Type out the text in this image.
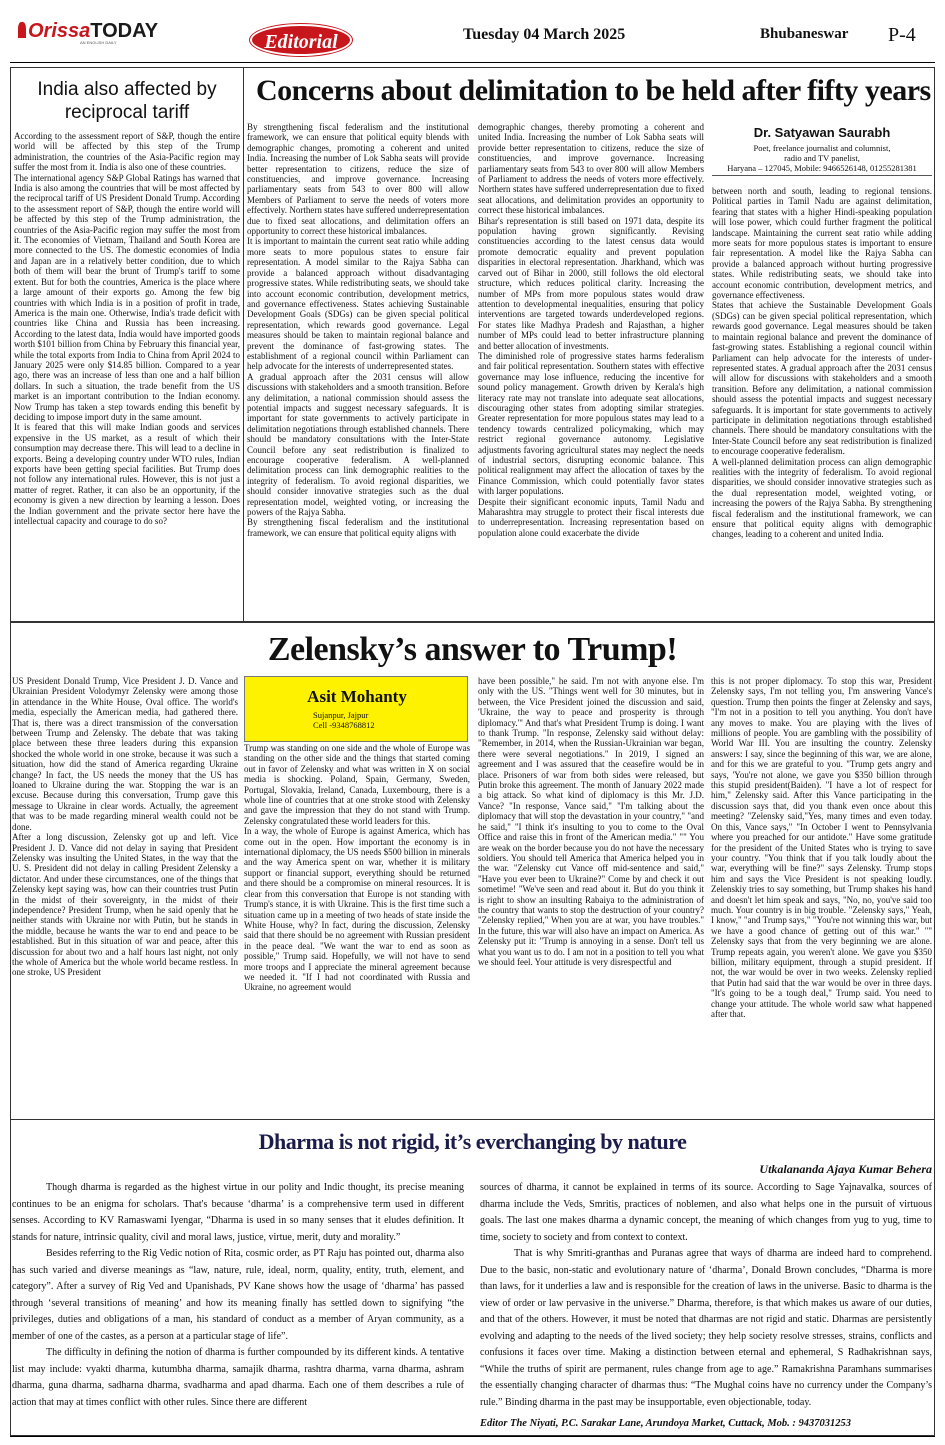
OrissaTODAY
AN ENGLISH DAILY	Editorial	Tuesday 04 March 2025	Bhubaneswar P-4
India also affected by reciprocal tariff

According to the assessment report of S&P, though the entire world will be affected by this step of the Trump administration, the countries of the Asia-Pacific region may suffer the most from it. India is also one of these countries.

The international agency S&P Global Ratings has warned that India is also among the countries that will be most affected by the reciprocal tariff of US President Donald Trump. According to the assessment report of S&P, though the entire world will be affected by this step of the Trump administration, the countries of the Asia-Pacific region may suffer the most from it. The economies of Vietnam, Thailand and South Korea are more connected to the US. The domestic economies of India and Japan are in a relatively better condition, due to which both of them will bear the brunt of Trump's tariff to some extent. But for both the countries, America is the place where a large amount of their exports go. Among the few big countries with which India is in a position of profit in trade, America is the main one. Otherwise, India's trade deficit with countries like China and Russia has been increasing. According to the latest data, India would have imported goods worth $101 billion from China by February this financial year, while the total exports from India to China from April 2024 to January 2025 were only $14.85 billion. Compared to a year ago, there was an increase of less than one and a half billion dollars. In such a situation, the trade benefit from the US market is an important contribution to the Indian economy. Now Trump has taken a step towards ending this benefit by deciding to impose import duty in the same amount.

It is feared that this will make Indian goods and services expensive in the US market, as a result of which their consumption may decrease there. This will lead to a decline in exports. Being a developing country under WTO rules, Indian exports have been getting special facilities. But Trump does not follow any international rules. However, this is not just a matter of regret. Rather, it can also be an opportunity, if the economy is given a new direction by learning a lesson. Does the Indian government and the private sector here have the intellectual capacity and courage to do so?

Concerns about delimitation to be held after fifty years

By strengthening fiscal federalism and the institutional framework, we can ensure that political equity blends with demographic changes, promoting a coherent and united India. Increasing the number of Lok Sabha seats will provide better representation to citizens, reduce the size of constituencies, and improve governance. Increasing parliamentary seats from 543 to over 800 will allow Members of Parliament to serve the needs of voters more effectively. Northern states have suffered underrepresentation due to fixed seat allocations, and delimitation offers an opportunity to correct these historical imbalances.

It is important to maintain the current seat ratio while adding more seats to more populous states to ensure fair representation. A model similar to the Rajya Sabha can provide a balanced approach without disadvantaging progressive states. While redistributing seats, we should take into account economic contribution, development metrics, and governance effectiveness. States achieving Sustainable Development Goals (SDGs) can be given special political representation, which rewards good governance. Legal measures should be taken to maintain regional balance and prevent the dominance of fast-growing states. The establishment of a regional council within Parliament can help advocate for the interests of underrepresented states.

A gradual approach after the 2031 census will allow discussions with stakeholders and a smooth transition. Before any delimitation, a national commission should assess the potential impacts and suggest necessary safeguards. It is important for state governments to actively participate in delimitation negotiations through established channels. There should be mandatory consultations with the Inter-State Council before any seat redistribution is finalized to encourage cooperative federalism. A well-planned delimitation process can link demographic realities to the integrity of federalism. To avoid regional disparities, we should consider innovative strategies such as the dual representation model, weighted voting, or increasing the powers of the Rajya Sabha.

By strengthening fiscal federalism and the institutional framework, we can ensure that political equity aligns with

demographic changes, thereby promoting a coherent and united India. Increasing the number of Lok Sabha seats will provide better representation to citizens, reduce the size of constituencies, and improve governance. Increasing parliamentary seats from 543 to over 800 will allow Members of Parliament to address the needs of voters more effectively. Northern states have suffered underrepresentation due to fixed seat allocations, and delimitation provides an opportunity to correct these historical imbalances.

Bihar's representation is still based on 1971 data, despite its population having grown significantly. Revising constituencies according to the latest census data would promote democratic equality and prevent population disparities in electoral representation. Jharkhand, which was carved out of Bihar in 2000, still follows the old electoral structure, which reduces political clarity. Increasing the number of MPs from more populous states would draw attention to developmental inequalities, ensuring that policy interventions are targeted towards underdeveloped regions. For states like Madhya Pradesh and Rajasthan, a higher number of MPs could lead to better infrastructure planning and better allocation of investments.

The diminished role of progressive states harms federalism and fair political representation. Southern states with effective governance may lose influence, reducing the incentive for sound policy management. Growth driven by Kerala's high literacy rate may not translate into adequate seat allocations, discouraging other states from adopting similar strategies. Greater representation for more populous states may lead to a tendency towards centralized policymaking, which may restrict regional governance autonomy. Legislative adjustments favoring agricultural states may neglect the needs of industrial sectors, disrupting economic balance. This political realignment may affect the allocation of taxes by the Finance Commission, which could potentially favor states with larger populations.

Despite their significant economic inputs, Tamil Nadu and Maharashtra may struggle to protect their fiscal interests due to underrepresentation. Increasing representation based on population alone could exacerbate the divide

Dr. Satyawan Saurabh
Poet, freelance journalist and columnist,
radio and TV panelist,
Haryana – 127045, Mobile: 9466526148, 01255281381

between north and south, leading to regional tensions. Political parties in Tamil Nadu are against delimitation, fearing that states with a higher Hindi-speaking population will lose power, which could further fragment the political landscape. Maintaining the current seat ratio while adding more seats for more populous states is important to ensure fair representation. A model like the Rajya Sabha can provide a balanced approach without hurting progressive states. While redistributing seats, we should take into account economic contribution, development metrics, and governance effectiveness.

States that achieve the Sustainable Development Goals (SDGs) can be given special political representation, which rewards good governance. Legal measures should be taken to maintain regional balance and prevent the dominance of fast-growing states. Establishing a regional council within Parliament can help advocate for the interests of under-represented states. A gradual approach after the 2031 census will allow for discussions with stakeholders and a smooth transition. Before any delimitation, a national commission should assess the potential impacts and suggest necessary safeguards. It is important for state governments to actively participate in delimitation negotiations through established channels. There should be mandatory consultations with the Inter-State Council before any seat redistribution is finalized to encourage cooperative federalism.

A well-planned delimitation process can align demographic realities with the integrity of federalism. To avoid regional disparities, we should consider innovative strategies such as the dual representation model, weighted voting, or increasing the powers of the Rajya Sabha. By strengthening fiscal federalism and the institutional framework, we can ensure that political equity aligns with demographic changes, leading to a coherent and united India.

Zelensky’s answer to Trump!

US President Donald Trump, Vice President J. D. Vance and Ukrainian President Volodymyr Zelensky were among those in attendance in the White House, Oval office. The world's media, especially the American media, had gathered there. That is, there was a direct transmission of the conversation between Trump and Zelensky. The debate that was taking place between these three leaders during this expansion shocked the whole world in one stroke, because it was such a situation, how did the stand of America regarding Ukraine change? In fact, the US needs the money that the US has loaned to Ukraine during the war. Stopping the war is an excuse. Because during this conversation, Trump gave this message to Ukraine in clear words. Actually, the agreement that was to be made regarding mineral wealth could not be done.

After a long discussion, Zelensky got up and left. Vice President J. D. Vance did not delay in saying that President Zelensky was insulting the United States, in the way that the U. S. President did not delay in calling President Zelensky a dictator. And under these circumstances, one of the things that Zelensky kept saying was, how can their countries trust Putin in the midst of their sovereignty, in the midst of their independence? President Trump, when he said openly that he neither stands with Ukraine nor with Putin, but he stands in the middle, because he wants the war to end and peace to be established. But in this situation of war and peace, after this discussion for about two and a half hours last night, not only the whole of America but the whole world became restless. In one stroke, US President

Asit Mohanty
Sujanpur, Jajpur
Cell -9348768812

Trump was standing on one side and the whole of Europe was standing on the other side and the things that started coming out in favor of Zelensky and what was written in X on social media is shocking. Poland, Spain, Germany, Sweden, Portugal, Slovakia, Ireland, Canada, Luxembourg, there is a whole line of countries that at one stroke stood with Zelensky and gave the impression that they do not stand with Trump. Zelensky congratulated these world leaders for this.

In a way, the whole of Europe is against America, which has come out in the open. How important the economy is in international diplomacy, the US needs $500 billion in minerals and the way America spent on war, whether it is military support or financial support, everything should be returned and there should be a compromise on mineral resources. It is clear from this conversation that Europe is not standing with Trump's stance, it is with Ukraine. This is the first time such a situation came up in a meeting of two heads of state inside the White House, why? In fact, during the discussion, Zelensky said that there should be no agreement with Russian president in the peace deal. "We want the war to end as soon as possible," Trump said. Hopefully, we will not have to send more troops and I appreciate the mineral agreement because we needed it. "If I had not coordinated with Russia and Ukraine, no agreement would

have been possible," he said. I'm not with anyone else. I'm only with the US. "Things went well for 30 minutes, but in between, the Vice President joined the discussion and said, 'Ukraine, the way to peace and prosperity is through diplomacy.'" And that's what President Trump is doing. I want to thank Trump. "In response, Zelensky said without delay: "Remember, in 2014, when the Russian-Ukrainian war began, there were several negotiations." In 2019, I signed an agreement and I was assured that the ceasefire would be in place. Prisoners of war from both sides were released, but Putin broke this agreement. The month of January 2022 made a big attack. So what kind of diplomacy is this Mr. J.D. Vance? "In response, Vance said," "I'm talking about the diplomacy that will stop the devastation in your country," "and he said," "I think it's insulting to you to come to the Oval Office and raise this in front of the American media." "" You are weak on the border because you do not have the necessary soldiers. You should tell America that America helped you in the war. "Zelensky cut Vance off mid-sentence and said," "Have you ever been to Ukraine?" Come by and check it out sometime! "We've seen and read about it. But do you think it is right to show an insulting Rabaiya to the administration of the country that wants to stop the destruction of your country? "Zelensky replied," When you are at war, you have troubles." In the future, this war will also have an impact on America. As Zelensky put it: "Trump is annoying in a sense. Don't tell us what you want us to do. I am not in a position to tell you what we should feel. Your attitude is very disrespectful and

this is not proper diplomacy. To stop this war, President Zelensky says, I'm not telling you, I'm answering Vance's question. Trump then points the finger at Zelensky and says, "I'm not in a position to tell you anything. You don't have any moves to make. You are playing with the lives of millions of people. You are gambling with the possibility of World War III. You are insulting the country. Zelensky answers: I say, since the beginning of this war, we are alone, and for this we are grateful to you. "Trump gets angry and says, 'You're not alone, we gave you $350 billion through this stupid president(Baiden). "I have a lot of respect for him," Zelensky said. After this Vance participating in the discussion says that, did you thank even once about this meeting? "Zelensky said,"Yes, many times and even today. On this, Vance says," "In October I went to Pennsylvania where you preached for our antidote." Have some gratitude for the president of the United States who is trying to save your country. "You think that if you talk loudly about the war, everything will be fine?" says Zelensky. Trump stops him and says the Vice President is not speaking loudly. Zelenskiy tries to say something, but Trump shakes his hand and doesn't let him speak and says, "No, no, you've said too much. Your country is in big trouble. "Zelensky says," Yeah, I know," "and Trump says," "You're not winning this war, but we have a good chance of getting out of this war." "" Zelensky says that from the very beginning we are alone. Trump repeats again, you weren't alone. We gave you $350 billion, military equipment, through a stupid president. If not, the war would be over in two weeks. Zelensky replied that Putin had said that the war would be over in three days. "It's going to be a tough deal," Trump said. You need to change your attitude. The whole world saw what happened after that.

Dharma is not rigid, it’s everchanging by nature
Utkalananda Ajaya Kumar Behera

Though dharma is regarded as the highest virtue in our polity and Indic thought, its precise meaning continues to be an enigma for scholars. That's because ‘dharma’ is a comprehensive term used in different senses. According to KV Ramaswami Iyengar, “Dharma is used in so many senses that it eludes definition. It stands for nature, intrinsic quality, civil and moral laws, justice, virtue, merit, duty and morality.”

Besides referring to the Rig Vedic notion of Rita, cosmic order, as PT Raju has pointed out, dharma also has such varied and diverse meanings as “law, nature, rule, ideal, norm, quality, entity, truth, element, and category”. After a survey of Rig Ved and Upanishads, PV Kane shows how the usage of ‘dharma’ has passed through ‘several transitions of meaning’ and how its meaning finally has settled down to signifying “the privileges, duties and obligations of a man, his standard of conduct as a member of Aryan community, as a member of one of the castes, as a person at a particular stage of life”.

The difficulty in defining the notion of dharma is further compounded by its different kinds. A tentative list may include: vyakti dharma, kutumbha dharma, samajik dharma, rashtra dharma, varna dharma, ashram dharma, guna dharma, sadharna dharma, svadharma and apad dharma. Each one of them describes a rule of action that may at times conflict with other rules. Since there are different

sources of dharma, it cannot be explained in terms of its source. According to Sage Yajnavalka, sources of dharma include the Veds, Smritis, practices of noblemen, and also what helps one in the pursuit of virtuous goals. The last one makes dharma a dynamic concept, the meaning of which changes from yug to yug, time to time, society to society and from context to context.

That is why Smriti-granthas and Puranas agree that ways of dharma are indeed hard to comprehend. Due to the basic, non-static and evolutionary nature of ‘dharma’, Donald Brown concludes, “Dharma is more than laws, for it underlies a law and is responsible for the creation of laws in the universe. Basic to dharma is the view of order or law pervasive in the universe.” Dharma, therefore, is that which makes us aware of our duties, and that of the others. However, it must be noted that dharmas are not rigid and static. Dharmas are persistently evolving and adapting to the needs of the lived society; they help society resolve stresses, strains, conflicts and confusions it faces over time. Making a distinction between eternal and ephemeral, S Radhakrishnan says, “While the truths of spirit are permanent, rules change from age to age.” Ramakrishna Paramhans summarises the essentially changing character of dharmas thus: “The Mughal coins have no currency under the Company’s rule.” Binding dharma in the past may be insupportable, even objectionable, today.

Editor The Niyati, P.C. Sarakar Lane, Arundoya Market, Cuttack, Mob. : 9437031253
